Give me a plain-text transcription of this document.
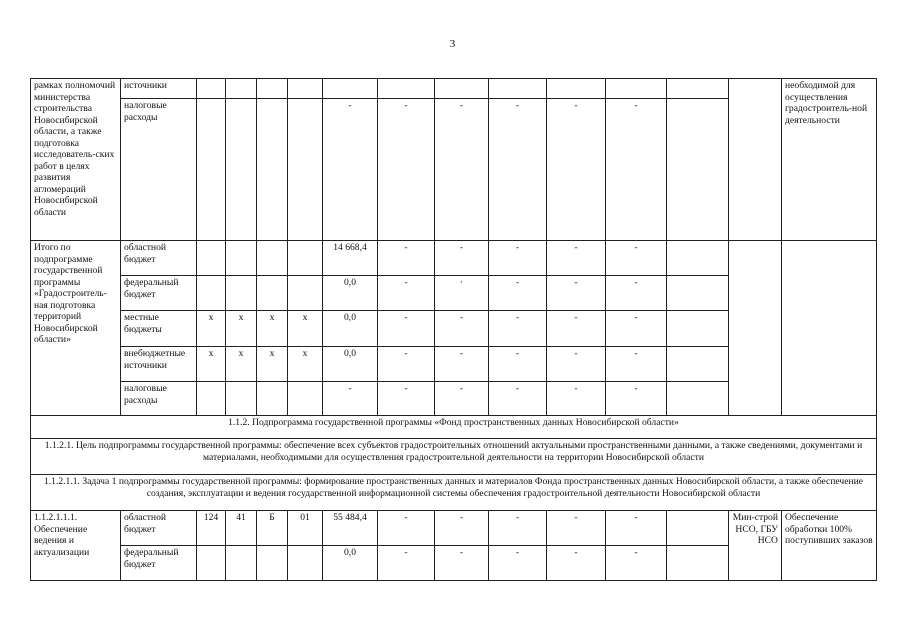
3
рамках полномочий министерства строительства Новосибирской области, а также подготовка исследователь-ских работ в целях развития агломераций Новосибирской области	источники													необходимой для осуществления градостроитель-ной деятельности
	налоговые расходы					-	-	-	-	-	-			
Итого по подпрограмме государственной программы «Градостроитель-ная подготовка территорий Новосибирской области»	областной бюджет					14 668,4	-	-	-	-	-			
	федеральный бюджет					0,0	-	·	-	-	-			
	местные бюджеты	x	x	x	x	0,0	-	-	-	-	-			
	внебюджетные источники	x	x	x	x	0,0	-	-	-	-	-			
	налоговые расходы					-	-	-	-	-	-			
1.1.2. Подпрограмма государственной программы «Фонд пространственных данных Новосибирской области»														
1.1.2.1. Цель подпрограммы государственной программы: обеспечение всех субъектов градостроительных отношений актуальными пространственными данными, а также сведениями, документами и материалами, необходимыми для осуществления градостроительной деятельности на территории Новосибирской области														
1.1.2.1.1. Задача 1 подпрограммы государственной программы: формирование пространственных данных и материалов Фонда пространственных данных Новосибирской области, а также обеспечение создания, эксплуатации и ведения государственной информационной системы обеспечения градостроительной деятельности Новосибирской области														
1.1.2.1.1.1. Обеспечение ведения и актуализации	областной бюджет	124	41	Б	01	55 484,4	-	-	-	-	-		Мин-строй НСО, ГБУ НСО	Обеспечение обработки 100% поступивших заказов
	федеральный бюджет					0,0	-	-	-	-	-			
